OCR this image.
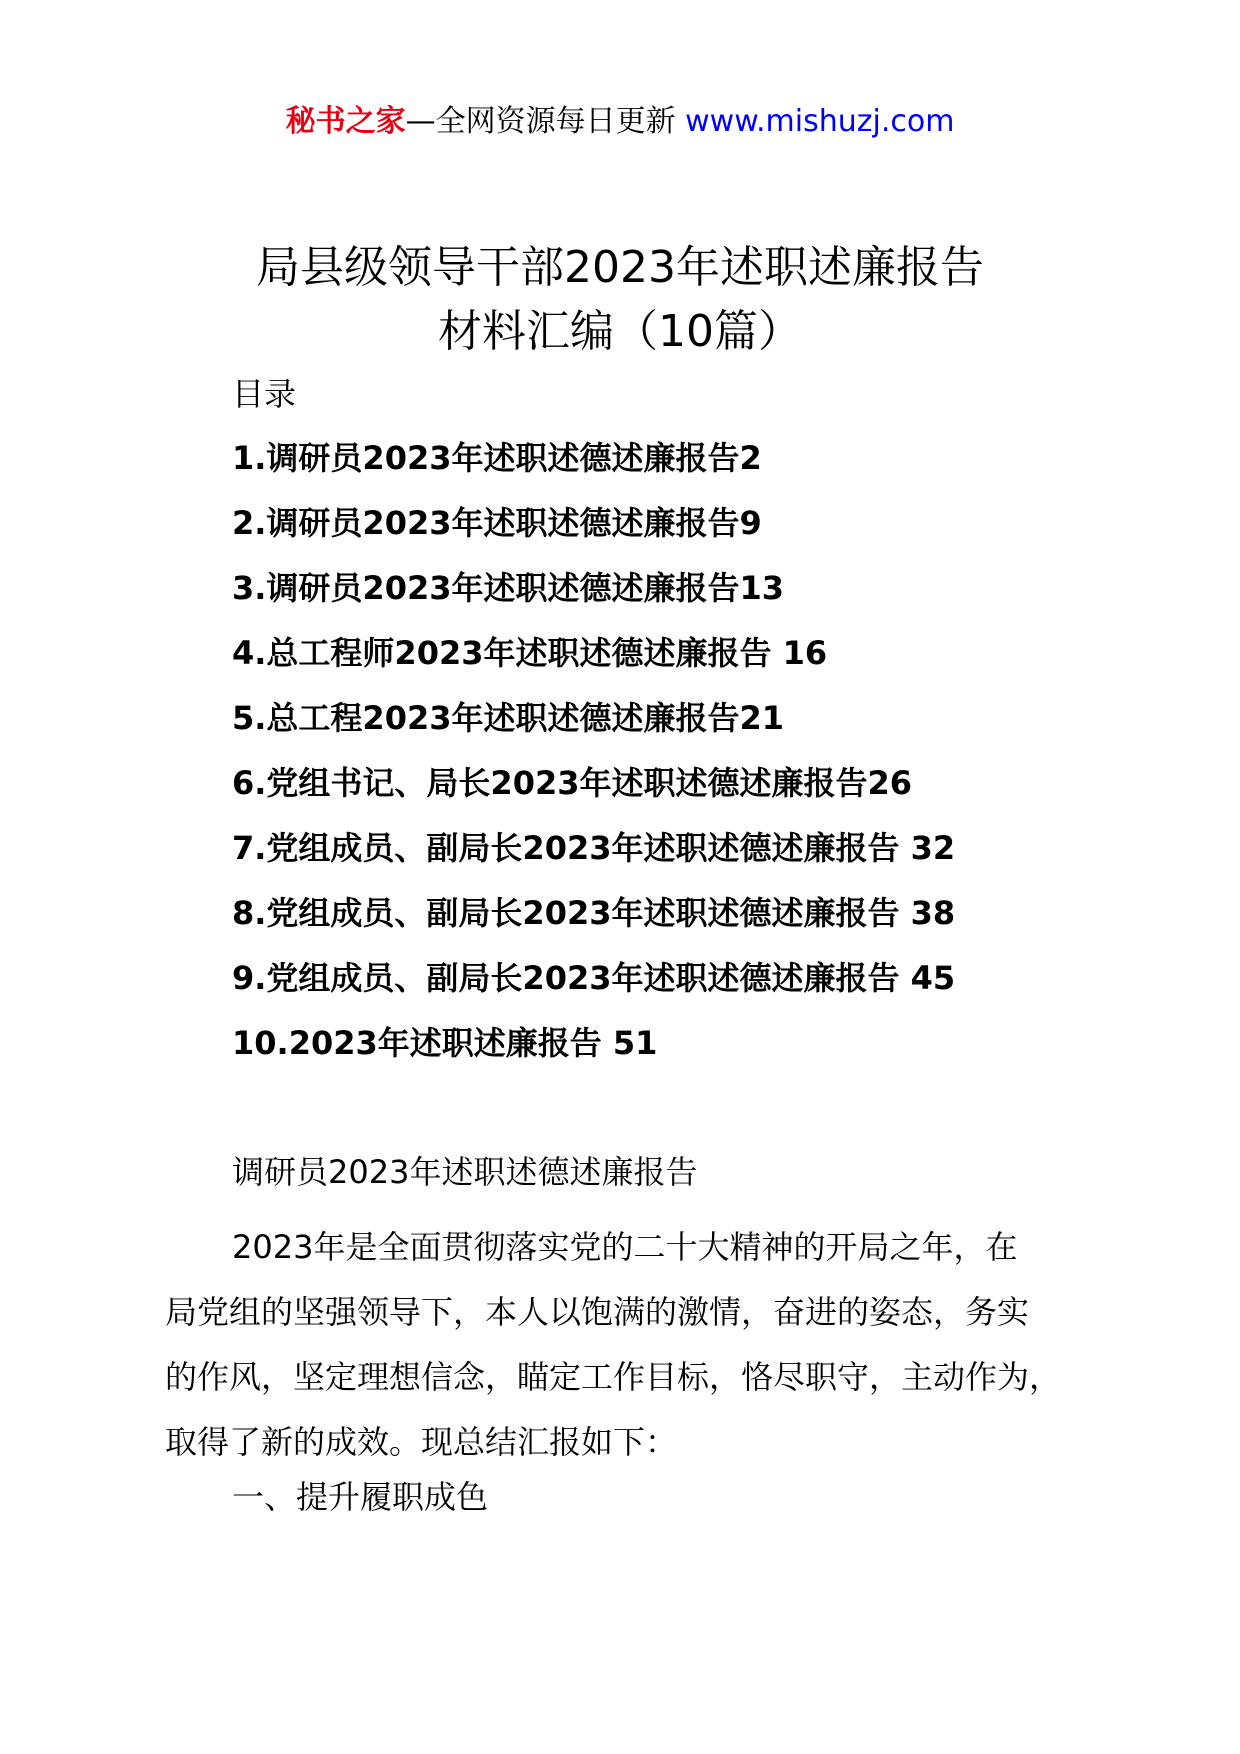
秘书之家—全网资源每日更新 www.mishuzj.com
局县级领导干部2023年述职述廉报告
材料汇编（10篇）
目录
1.调研员2023年述职述德述廉报告2
2.调研员2023年述职述德述廉报告9
3.调研员2023年述职述德述廉报告13
4.总工程师2023年述职述德述廉报告 16
5.总工程2023年述职述德述廉报告21
6.党组书记、局长2023年述职述德述廉报告26
7.党组成员、副局长2023年述职述德述廉报告 32
8.党组成员、副局长2023年述职述德述廉报告 38
9.党组成员、副局长2023年述职述德述廉报告 45
10.2023年述职述廉报告 51
调研员2023年述职述德述廉报告
2023年是全面贯彻落实党的二十大精神的开局之年，在
局党组的坚强领导下，本人以饱满的激情，奋进的姿态，务实
的作风，坚定理想信念，瞄定工作目标，恪尽职守，主动作为，
取得了新的成效。现总结汇报如下：
一、提升履职成色
